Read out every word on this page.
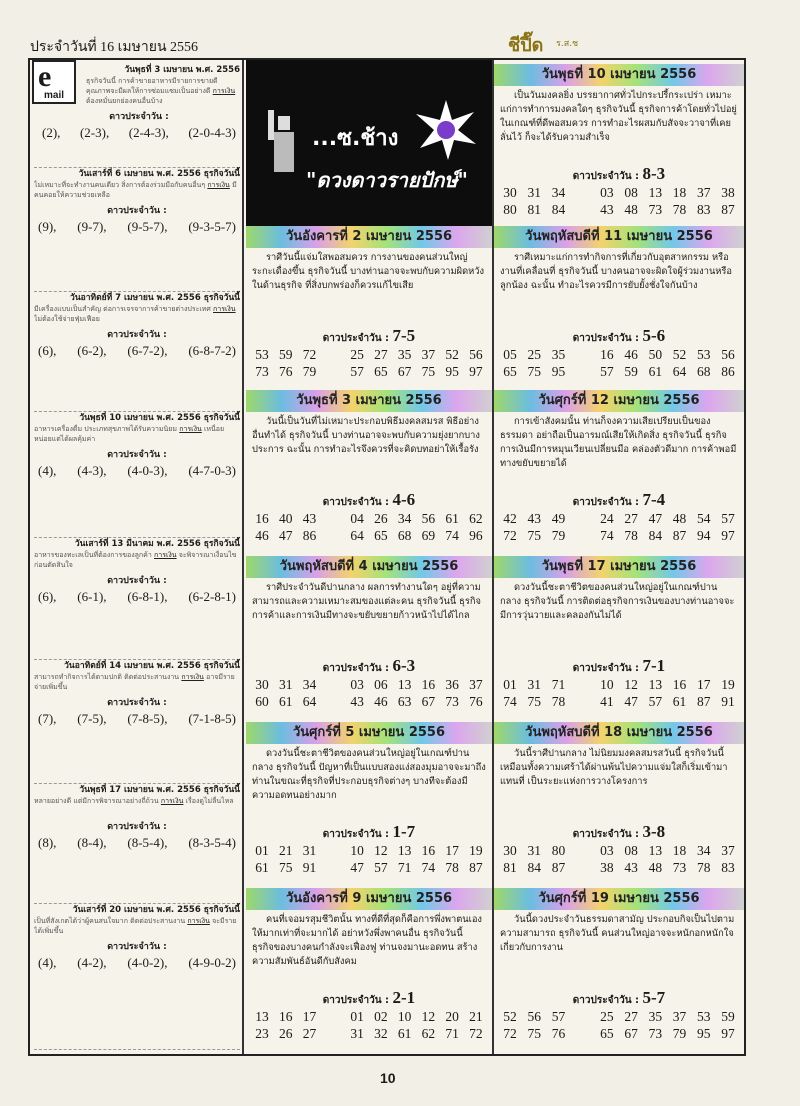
ประจำวันที่ 16 เมษายน 2556	ชีปี๊ด ร.ส.ช
e
mail
วันพุธที่ 3 เมษายน พ.ศ. 2556
ธุรกิจวันนี้ การค้าขายอาหารมีรายการขายดี คุณภาพจะมีผลให้การซ่อมแซมเป็นอย่างดี การเงิน ต้องหมั่นยกย่องคนอื่นบ้าง
ดาวประจำวัน :
(2), (2-3), (2-4-3), (2-0-4-3)
วันเสาร์ที่ 6 เมษายน พ.ศ. 2556 ธุรกิจวันนี้
ไม่เหมาะที่จะทำงานคนเดียว สิ่งการต้องร่วมมือกับคนอื่นๆ การเงิน มีคนคอยให้ความช่วยเหลือ
ดาวประจำวัน :
(9), (9-7), (9-5-7), (9-3-5-7)
วันอาทิตย์ที่ 7 เมษายน พ.ศ. 2556 ธุรกิจวันนี้
มีเครื่องแบบเป็นสำคัญ ต่อการเจรจาการค้าขายต่างประเทศ การเงิน ไม่ต้องใช้จ่ายฟุ่มเฟือย
ดาวประจำวัน :
(6), (6-2), (6-7-2), (6-8-7-2)
วันพุธที่ 10 เมษายน พ.ศ. 2556 ธุรกิจวันนี้
อาหารเครื่องดื่ม ประเภทสุขภาพได้รับความนิยม การเงิน เหนื่อยหน่อยแต่ได้ผลคุ้มค่า
ดาวประจำวัน :
(4), (4-3), (4-0-3), (4-7-0-3)
วันเสาร์ที่ 13 มีนาคม พ.ศ. 2556 ธุรกิจวันนี้
อาหารของทะเลเป็นที่ต้องการของลูกค้า การเงิน จะพิจารณาเงื่อนไขก่อนตัดสินใจ
ดาวประจำวัน :
(6), (6-1), (6-8-1), (6-2-8-1)
วันอาทิตย์ที่ 14 เมษายน พ.ศ. 2556 ธุรกิจวันนี้
สามารถทำกิจการได้ตามปกติ ติดต่อประสานงาน การเงิน อาจมีรายจ่ายเพิ่มขึ้น
ดาวประจำวัน :
(7), (7-5), (7-8-5), (7-1-8-5)
วันพุธที่ 17 เมษายน พ.ศ. 2556 ธุรกิจวันนี้
หลายอย่างดี แต่มีการพิจารณาอย่างถี่ถ้วน การเงิน เรื่องดูไม่ลื่นไหล
ดาวประจำวัน :
(8), (8-4), (8-5-4), (8-3-5-4)
วันเสาร์ที่ 20 เมษายน พ.ศ. 2556 ธุรกิจวันนี้
เป็นที่สังเกตได้ว่าผู้คนสนใจมาก ติดต่อประสานงาน การเงิน จะมีรายได้เพิ่มขึ้น
ดาวประจำวัน :
(4), (4-2), (4-0-2), (4-9-0-2)
...ซ.ช้าง
"ดวงดาวรายปักษ์"
วันอังคารที่ 2 เมษายน 2556
ราศีวันนี้แจ่มใสพอสมควร การงานของคนส่วนใหญ่ระกะเดื่องขึ้น ธุรกิจวันนี้ บางท่านอาจจะพบกับความผิดหวังในด้านธุรกิจ ที่สิ่งบกพร่องก็ควรแก้ไขเสีย
ดาวประจำวัน : 7-5
53 59 72	25 27 35 37 52 56
73 76 79	57 65 67 75 95 97
วันพุธที่ 3 เมษายน 2556
วันนี้เป็นวันที่ไม่เหมาะประกอบพิธีมงคลสมรส พิธีอย่างอื่นทำได้ ธุรกิจวันนี้ บางท่านอาจจะพบกับความยุ่งยากบางประการ ฉะนั้น การทำอะไรจึงควรที่จะคิดบทอย่าให้เรื้อรัง
ดาวประจำวัน : 4-6
16 40 43	04 26 34 56 61 62
46 47 86	64 65 68 69 74 96
วันพฤหัสบดีที่ 4 เมษายน 2556
ราศีประจำวันดีปานกลาง ผลการทำงานใดๆ อยู่ที่ความสามารถและความเหมาะสมของแต่ละคน ธุรกิจวันนี้ ธุรกิจการค้าและการเงินมีทางจะขยับขยายก้าวหน้าไปได้ไกล
ดาวประจำวัน : 6-3
30 31 34	03 06 13 16 36 37
60 61 64	43 46 63 67 73 76
วันศุกร์ที่ 5 เมษายน 2556
ดวงวันนี้ชะตาชีวิตของคนส่วนใหญ่อยู่ในเกณฑ์ปานกลาง ธุรกิจวันนี้ ปัญหาที่เป็นแบบสองแง่สองมุมอาจจะมาถึงท่านในขณะที่ธุรกิจที่ประกอบธุรกิจต่างๆ บางทีจะต้องมีความอดทนอย่างมาก
ดาวประจำวัน : 1-7
01 21 31	10 12 13 16 17 19
61 75 91	47 57 71 74 78 87
วันอังคารที่ 9 เมษายน 2556
คนที่เจอมรสุมชีวิตนั้น ทางที่ดีที่สุดก็คือการพึ่งพาตนเองให้มากเท่าที่จะมากได้ อย่าหวังพึ่งพาคนอื่น ธุรกิจวันนี้ ธุรกิจของบางคนกำลังจะเฟื่องฟู ท่านจงมานะอดทน สร้างความสัมพันธ์อันดีกับสังคม
ดาวประจำวัน : 2-1
13 16 17	01 02 10 12 20 21
23 26 27	31 32 61 62 71 72
วันพุธที่ 10 เมษายน 2556
เป็นวันมงคลยิ่ง บรรยากาศทั่วไปกระปรี้กระเปร่า เหมาะแก่การทำการมงคลใดๆ ธุรกิจวันนี้ ธุรกิจการค้าโดยทั่วไปอยู่ในเกณฑ์ที่ดีพอสมควร การทำอะไรผสมกับสัจจะวาจาที่เคยลั่นไว้ ก็จะได้รับความสำเร็จ
ดาวประจำวัน : 8-3
30 31 34	03 08 13 18 37 38
80 81 84	43 48 73 78 83 87
วันพฤหัสบดีที่ 11 เมษายน 2556
ราศีเหมาะแก่การทำกิจการที่เกี่ยวกับอุตสาหกรรม หรืองานที่เคลื่อนที่ ธุรกิจวันนี้ บางคนอาจจะผิดใจผู้ร่วมงานหรือลูกน้อง ฉะนั้น ทำอะไรควรมีการยับยั้งชั่งใจกันบ้าง
ดาวประจำวัน : 5-6
05 25 35	16 46 50 52 53 56
65 75 95	57 59 61 64 68 86
วันศุกร์ที่ 12 เมษายน 2556
การเข้าสังคมนั้น ท่านก็จงความเสียเปรียบเป็นของธรรมดา อย่าถือเป็นอารมณ์เสียให้เกิดสิ่ง ธุรกิจวันนี้ ธุรกิจการเงินมีการหมุนเวียนเปลี่ยนมือ คล่องตัวดีมาก การค้าพอมีทางขยับขยายได้
ดาวประจำวัน : 7-4
42 43 49	24 27 47 48 54 57
72 75 79	74 78 84 87 94 97
วันพุธที่ 17 เมษายน 2556
ดวงวันนี้ชะตาชีวิตของคนส่วนใหญ่อยู่ในเกณฑ์ปานกลาง ธุรกิจวันนี้ การติดต่อธุรกิจการเงินของบางท่านอาจจะมีการวุ่นวายและคลองกันไม่ได้
ดาวประจำวัน : 7-1
01 31 71	10 12 13 16 17 19
74 75 78	41 47 57 61 87 91
วันพฤหัสบดีที่ 18 เมษายน 2556
วันนี้ราศีปานกลาง ไม่นิยมมงคลสมรสวันนี้ ธุรกิจวันนี้ เหมือนทั้งความเศร้าได้ผ่านพ้นไปความแจ่มใสก็เริ่มเข้ามาแทนที่ เป็นระยะแห่งการวางโครงการ
ดาวประจำวัน : 3-8
30 31 80	03 08 13 18 34 37
81 84 87	38 43 48 73 78 83
วันศุกร์ที่ 19 เมษายน 2556
วันนี้ดวงประจำวันธรรมดาสามัญ ประกอบกิจเป็นไปตามความสามารถ ธุรกิจวันนี้ คนส่วนใหญ่อาจจะหนักอกหนักใจเกี่ยวกับการงาน
ดาวประจำวัน : 5-7
52 56 57	25 27 35 37 53 59
72 75 76	65 67 73 79 95 97
10
